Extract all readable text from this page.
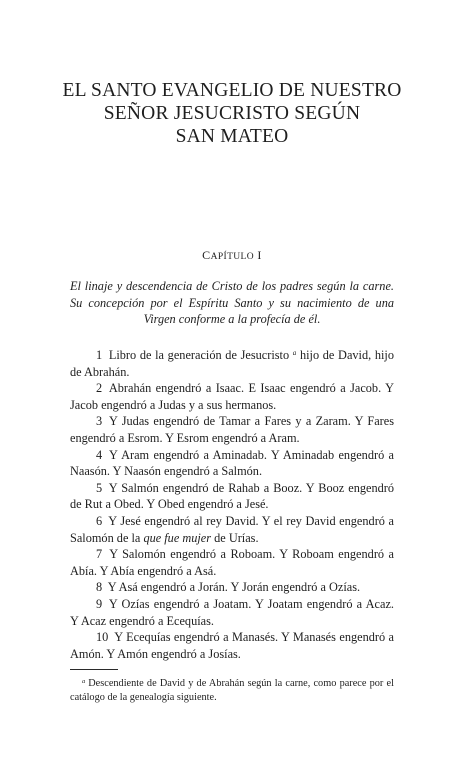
EL SANTO EVANGELIO DE NUESTRO
SEÑOR JESUCRISTO SEGÚN
SAN MATEO
CAPÍTULO I
El linaje y descendencia de Cristo de los padres según la carne. Su concepción por el Espíritu Santo y su nacimiento de una Virgen conforme a la profecía de él.
1 Libro de la generación de Jesucristo $^a$ hijo de David, hijo de Abrahán.
2 Abrahán engendró a Isaac. E Isaac engendró a Jacob. Y Jacob engendró a Judas y a sus hermanos.
3 Y Judas engendró de Tamar a Fares y a Zaram. Y Fares engendró a Esrom. Y Esrom engendró a Aram.
4 Y Aram engendró a Aminadab. Y Aminadab engendró a Naasón. Y Naasón engendró a Salmón.
5 Y Salmón engendró de Rahab a Booz. Y Booz engendró de Rut a Obed. Y Obed engendró a Jesé.
6 Y Jesé engendró al rey David. Y el rey David engendró a Salomón de la que fue mujer de Urías.
7 Y Salomón engendró a Roboam. Y Roboam engendró a Abía. Y Abía engendró a Asá.
8 Y Asá engendró a Jorán. Y Jorán engendró a Ozías.
9 Y Ozías engendró a Joatam. Y Joatam engendró a Acaz. Y Acaz engendró a Ecequías.
10 Y Ecequías engendró a Manasés. Y Manasés engendró a Amón. Y Amón engendró a Josías.
$^a$ Descendiente de David y de Abrahán según la carne, como parece por el catálogo de la genealogía siguiente.
